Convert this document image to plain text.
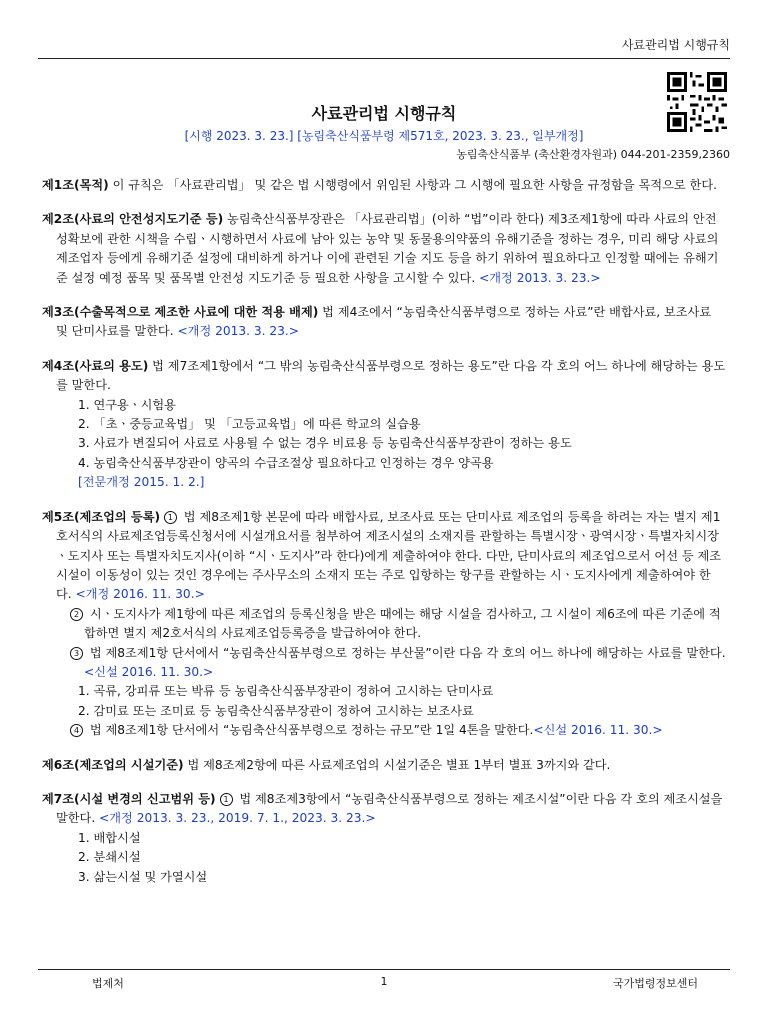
사료관리법 시행규칙
사료관리법 시행규칙
[시행 2023. 3. 23.] [농림축산식품부령 제571호, 2023. 3. 23., 일부개정]
농림축산식품부 (축산환경자원과) 044-201-2359,2360
제1조(목적) 이 규칙은 「사료관리법」 및 같은 법 시행령에서 위임된 사항과 그 시행에 필요한 사항을 규정함을 목적으로 한다.
제2조(사료의 안전성지도기준 등) 농림축산식품부장관은 「사료관리법」(이하 “법”이라 한다) 제3조제1항에 따라 사료의 안전성확보에 관한 시책을 수립ㆍ시행하면서 사료에 남아 있는 농약 및 동물용의약품의 유해기준을 정하는 경우, 미리 해당 사료의 제조업자 등에게 유해기준 설정에 대비하게 하거나 이에 관련된 기술 지도 등을 하기 위하여 필요하다고 인정할 때에는 유해기준 설정 예정 품목 및 품목별 안전성 지도기준 등 필요한 사항을 고시할 수 있다. <개정 2013. 3. 23.>
제3조(수출목적으로 제조한 사료에 대한 적용 배제) 법 제4조에서 “농림축산식품부령으로 정하는 사료”란 배합사료, 보조사료 및 단미사료를 말한다. <개정 2013. 3. 23.>
제4조(사료의 용도) 법 제7조제1항에서 “그 밖의 농림축산식품부령으로 정하는 용도”란 다음 각 호의 어느 하나에 해당하는 용도를 말한다.
1. 연구용ㆍ시험용
2. 「초ㆍ중등교육법」 및 「고등교육법」에 따른 학교의 실습용
3. 사료가 변질되어 사료로 사용될 수 없는 경우 비료용 등 농림축산식품부장관이 정하는 용도
4. 농림축산식품부장관이 양곡의 수급조절상 필요하다고 인정하는 경우 양곡용
[전문개정 2015. 1. 2.]
제5조(제조업의 등록) 1 법 제8조제1항 본문에 따라 배합사료, 보조사료 또는 단미사료 제조업의 등록을 하려는 자는 별지 제1호서식의 사료제조업등록신청서에 시설개요서를 첨부하여 제조시설의 소재지를 관할하는 특별시장ㆍ광역시장ㆍ특별자치시장ㆍ도지사 또는 특별자치도지사(이하 “시ㆍ도지사”라 한다)에게 제출하여야 한다. 다만, 단미사료의 제조업으로서 어선 등 제조시설이 이동성이 있는 것인 경우에는 주사무소의 소재지 또는 주로 입항하는 항구를 관할하는 시ㆍ도지사에게 제출하여야 한다. <개정 2016. 11. 30.>
2 시ㆍ도지사가 제1항에 따른 제조업의 등록신청을 받은 때에는 해당 시설을 검사하고, 그 시설이 제6조에 따른 기준에 적합하면 별지 제2호서식의 사료제조업등록증을 발급하여야 한다.
3 법 제8조제1항 단서에서 “농림축산식품부령으로 정하는 부산물”이란 다음 각 호의 어느 하나에 해당하는 사료를 말한다.<신설 2016. 11. 30.>
1. 곡류, 강피류 또는 박류 등 농림축산식품부장관이 정하여 고시하는 단미사료
2. 감미료 또는 조미료 등 농림축산식품부장관이 정하여 고시하는 보조사료
4 법 제8조제1항 단서에서 “농림축산식품부령으로 정하는 규모”란 1일 4톤을 말한다.<신설 2016. 11. 30.>
제6조(제조업의 시설기준) 법 제8조제2항에 따른 사료제조업의 시설기준은 별표 1부터 별표 3까지와 같다.
제7조(시설 변경의 신고범위 등) 1 법 제8조제3항에서 “농림축산식품부령으로 정하는 제조시설”이란 다음 각 호의 제조시설을 말한다. <개정 2013. 3. 23., 2019. 7. 1., 2023. 3. 23.>
1. 배합시설
2. 분쇄시설
3. 삶는시설 및 가열시설
법제처	1	국가법령정보센터
